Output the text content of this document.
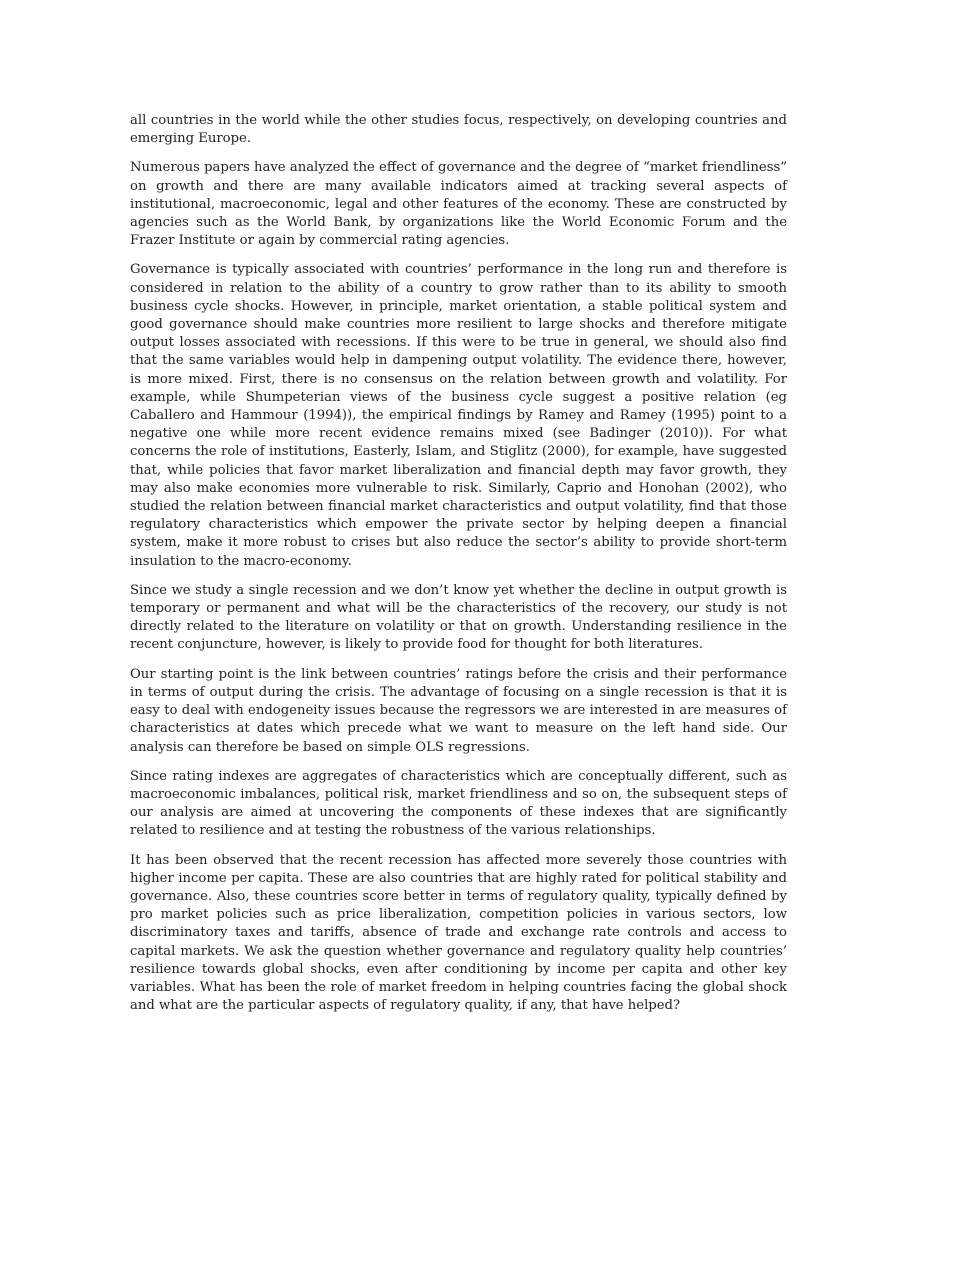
all countries in the world while the other studies focus, respectively, on developing countries and emerging Europe.

Numerous papers have analyzed the effect of governance and the degree of “market friendliness” on growth and there are many available indicators aimed at tracking several aspects of institutional, macroeconomic, legal and other features of the economy. These are constructed by agencies such as the World Bank, by organizations like the World Economic Forum and the Frazer Institute or again by commercial rating agencies.

Governance is typically associated with countries’ performance in the long run and therefore is considered in relation to the ability of a country to grow rather than to its ability to smooth business cycle shocks. However, in principle, market orientation, a stable political system and good governance should make countries more resilient to large shocks and therefore mitigate output losses associated with recessions. If this were to be true in general, we should also find that the same variables would help in dampening output volatility. The evidence there, however, is more mixed. First, there is no consensus on the relation between growth and volatility. For example, while Shumpeterian views of the business cycle suggest a positive relation (eg Caballero and Hammour (1994)), the empirical findings by Ramey and Ramey (1995) point to a negative one while more recent evidence remains mixed (see Badinger (2010)). For what concerns the role of institutions, Easterly, Islam, and Stiglitz (2000), for example, have suggested that, while policies that favor market liberalization and financial depth may favor growth, they may also make economies more vulnerable to risk. Similarly, Caprio and Honohan (2002), who studied the relation between financial market characteristics and output volatility, find that those regulatory characteristics which empower the private sector by helping deepen a financial system, make it more robust to crises but also reduce the sector’s ability to provide short-term insulation to the macro-economy.

Since we study a single recession and we don’t know yet whether the decline in output growth is temporary or permanent and what will be the characteristics of the recovery, our study is not directly related to the literature on volatility or that on growth. Understanding resilience in the recent conjuncture, however, is likely to provide food for thought for both literatures.

Our starting point is the link between countries’ ratings before the crisis and their performance in terms of output during the crisis. The advantage of focusing on a single recession is that it is easy to deal with endogeneity issues because the regressors we are interested in are measures of characteristics at dates which precede what we want to measure on the left hand side. Our analysis can therefore be based on simple OLS regressions.

Since rating indexes are aggregates of characteristics which are conceptually different, such as macroeconomic imbalances, political risk, market friendliness and so on, the subsequent steps of our analysis are aimed at uncovering the components of these indexes that are significantly related to resilience and at testing the robustness of the various relationships.

It has been observed that the recent recession has affected more severely those countries with higher income per capita. These are also countries that are highly rated for political stability and governance. Also, these countries score better in terms of regulatory quality, typically defined by pro market policies such as price liberalization, competition policies in various sectors, low discriminatory taxes and tariffs, absence of trade and exchange rate controls and access to capital markets. We ask the question whether governance and regulatory quality help countries’ resilience towards global shocks, even after conditioning by income per capita and other key variables. What has been the role of market freedom in helping countries facing the global shock and what are the particular aspects of regulatory quality, if any, that have helped?
